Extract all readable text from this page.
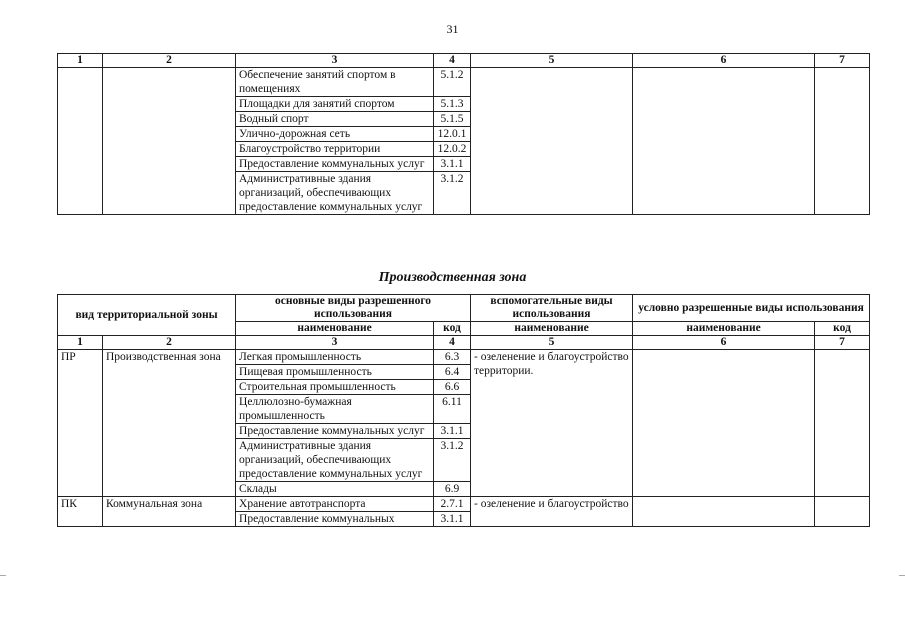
31
1	2	3	4	5	6	7
		Обеспечение занятий спортом в помещениях	5.1.2			
		Площадки для занятий спортом	5.1.3			
		Водный спорт	5.1.5			
		Улично-дорожная сеть	12.0.1			
		Благоустройство территории	12.0.2			
		Предоставление коммунальных услуг	3.1.1			
		Административные здания организаций, обеспечивающих предоставление коммунальных услуг	3.1.2			
Производственная зона
вид территориальной зоны		основные виды разрешенного использования		вспомогательные виды использования	условно разрешенные виды использования	
		наименование	код	наименование	наименование	код
1	2	3	4	5	6	7
ПР	Производственная зона	Легкая промышленность	6.3	- озеленение и благоустройство территории.		
		Пищевая промышленность	6.4			
		Строительная промышленность	6.6			
		Целлюлозно-бумажная промышленность	6.11			
		Предоставление коммунальных услуг	3.1.1			
		Административные здания организаций, обеспечивающих предоставление коммунальных услуг	3.1.2			
		Склады	6.9			
ПК	Коммунальная зона	Хранение автотранспорта	2.7.1	- озеленение и благоустройство		
		Предоставление коммунальных	3.1.1			
